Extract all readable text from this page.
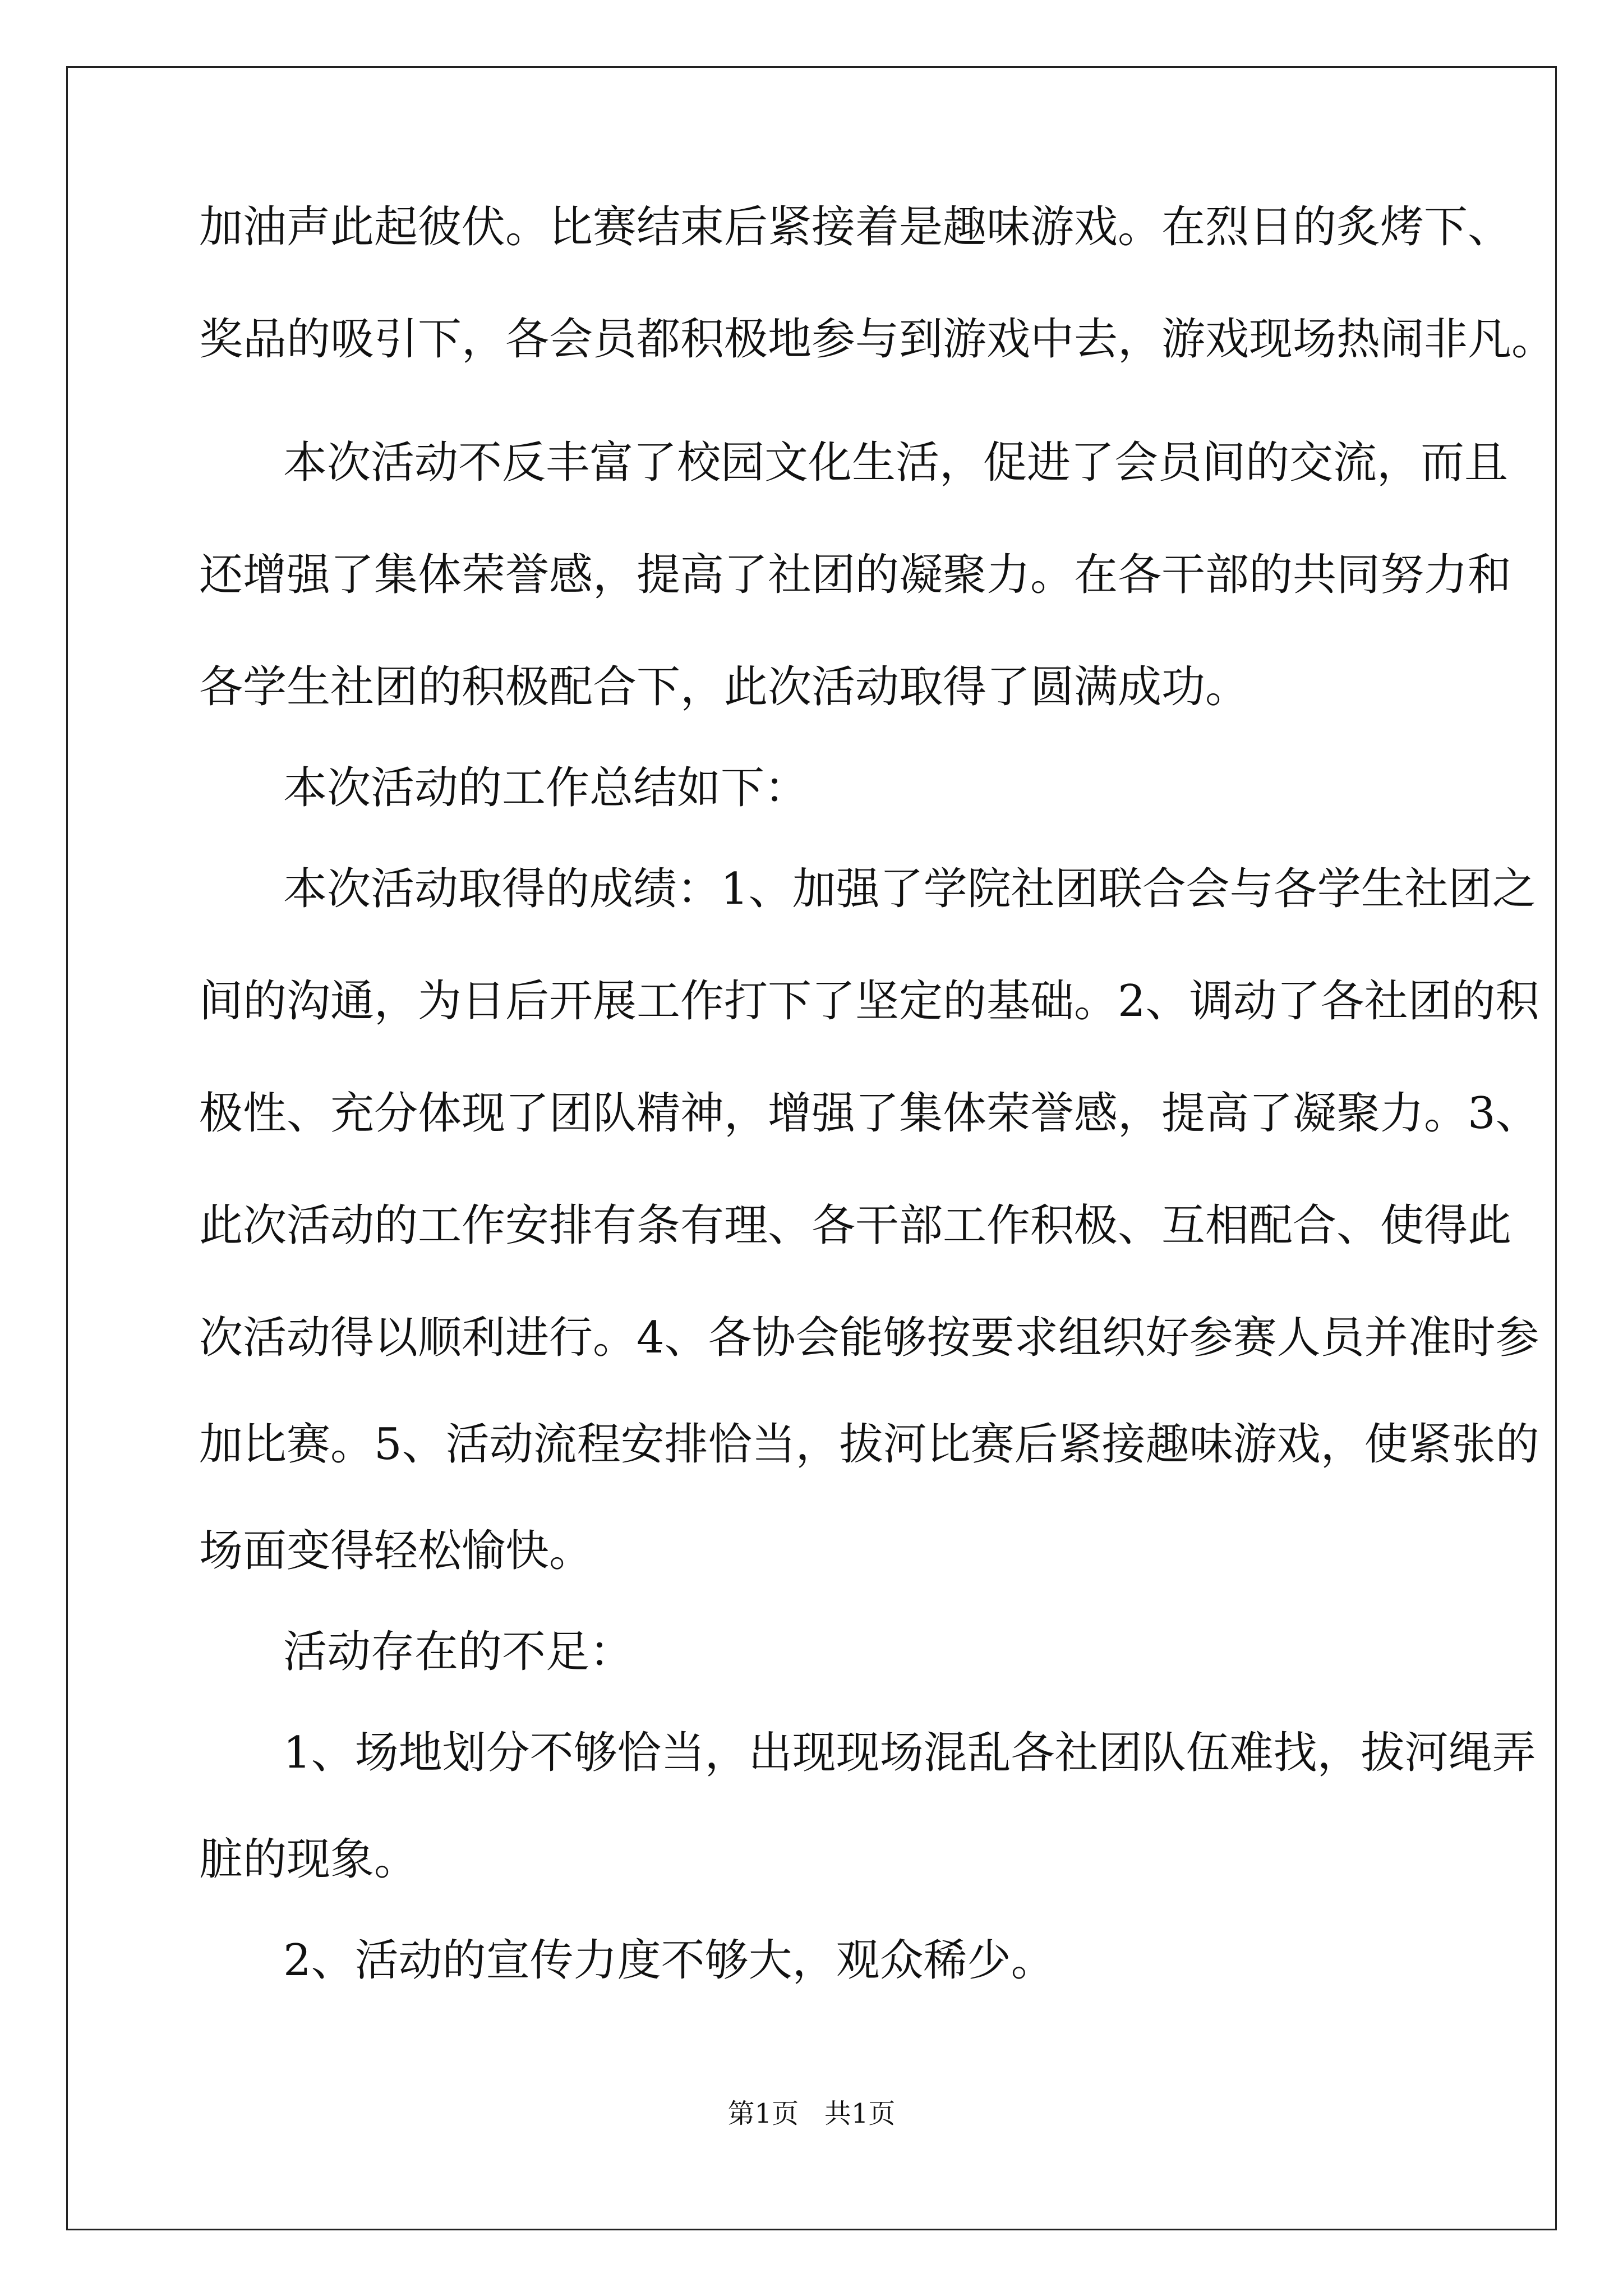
加油声此起彼伏。比赛结束后紧接着是趣味游戏。在烈日的炙烤下、
奖品的吸引下，各会员都积极地参与到游戏中去，游戏现场热闹非凡。
本次活动不反丰富了校园文化生活，促进了会员间的交流，而且
还增强了集体荣誉感，提高了社团的凝聚力。在各干部的共同努力和
各学生社团的积极配合下，此次活动取得了圆满成功。
本次活动的工作总结如下：
本次活动取得的成绩：1、加强了学院社团联合会与各学生社团之
间的沟通，为日后开展工作打下了坚定的基础。2、调动了各社团的积
极性、充分体现了团队精神，增强了集体荣誉感，提高了凝聚力。3、
此次活动的工作安排有条有理、各干部工作积极、互相配合、使得此
次活动得以顺利进行。4、各协会能够按要求组织好参赛人员并准时参
加比赛。5、活动流程安排恰当，拔河比赛后紧接趣味游戏，使紧张的
场面变得轻松愉快。
活动存在的不足：
1、场地划分不够恰当，出现现场混乱各社团队伍难找，拔河绳弄
脏的现象。
2、活动的宣传力度不够大，观众稀少。
第1页   共1页
